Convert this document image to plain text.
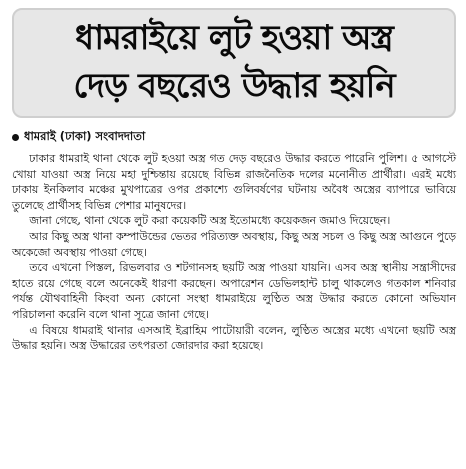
ধামরাইয়ে লুট হওয়া অস্ত্র
দেড় বছরেও উদ্ধার হয়নি
ধামরাই (ঢাকা) সংবাদদাতা

ঢাকার ধামরাই থানা থেকে লুট হওয়া অস্ত্র গত দেড় বছরেও উদ্ধার করতে পারেনি পুলিশ। ৫ আগস্টে খোয়া যাওয়া অস্ত্র নিয়ে মহা দুশ্চিন্তায় রয়েছে বিভিন্ন রাজনৈতিক দলের মনোনীত প্রার্থীরা। এরই মধ্যে ঢাকায় ইনকিলাব মঞ্চের মুখপাত্রের ওপর প্রকাশ্যে গুলিবর্ষণের ঘটনায় অবৈধ অস্ত্রের ব্যাপারে ভাবিয়ে তুলেছে প্রার্থীসহ বিভিন্ন পেশার মানুষদের।

জানা গেছে, থানা থেকে লুট করা কয়েকটি অস্ত্র ইতোমধ্যে কয়েকজন জমাও দিয়েছেন।

আর কিছু অস্ত্র থানা কম্পাউন্ডের ভেতর পরিত্যক্ত অবস্থায়, কিছু অস্ত্র সচল ও কিছু অস্ত্র আগুনে পুড়ে অকেজো অবস্থায় পাওয়া গেছে।

তবে এখনো পিস্তল, রিভলবার ও শটগানসহ ছয়টি অস্ত্র পাওয়া যায়নি। এসব অস্ত্র স্থানীয় সন্ত্রাসীদের হাতে রয়ে গেছে বলে অনেকেই ধারণা করছেন। অপারেশন ডেভিলহান্ট চালু থাকলেও গতকাল শনিবার পর্যন্ত যৌথবাহিনী কিংবা অন্য কোনো সংস্থা ধামরাইয়ে লুণ্ঠিত অস্ত্র উদ্ধার করতে কোনো অভিযান পরিচালনা করেনি বলে থানা সূত্রে জানা গেছে।

এ বিষয়ে ধামরাই থানার এসআই ইব্রাহিম পাটোয়ারী বলেন, লুণ্ঠিত অস্ত্রের মধ্যে এখনো ছয়টি অস্ত্র উদ্ধার হয়নি। অস্ত্র উদ্ধারের তৎপরতা জোরদার করা হয়েছে।
